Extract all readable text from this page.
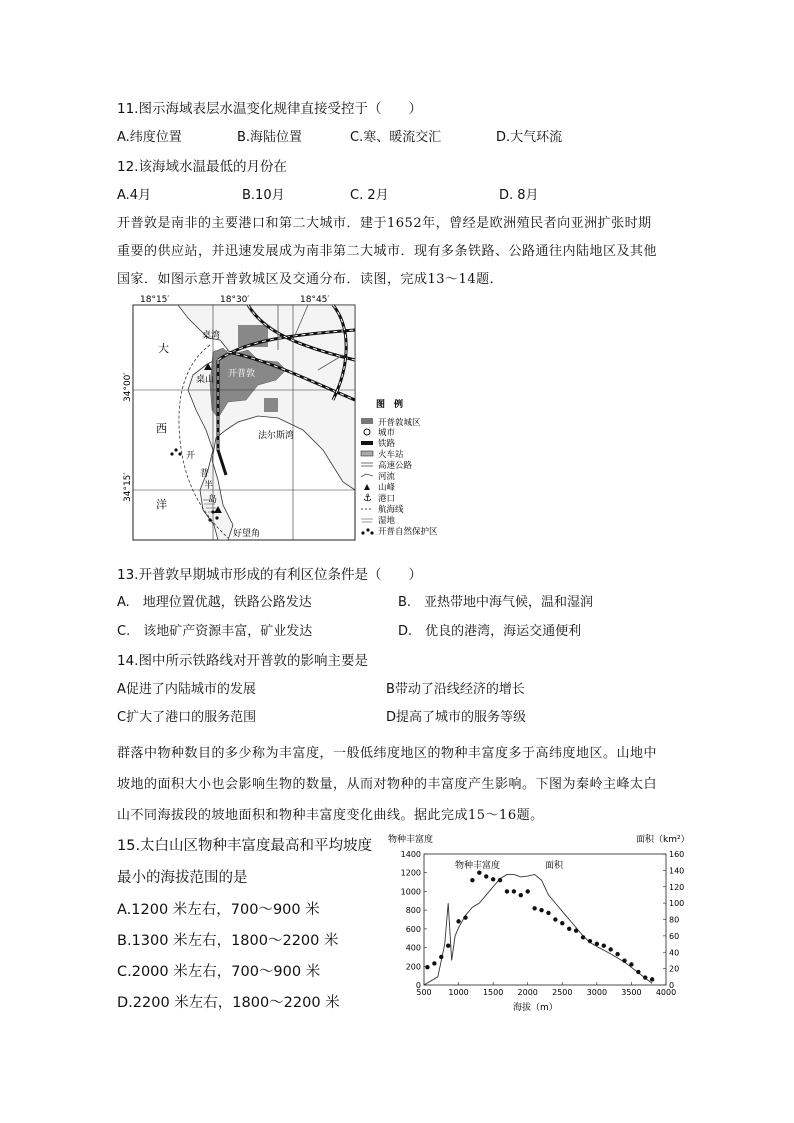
11.图示海域表层水温变化规律直接受控于（　　）
A.纬度位置	B.海陆位置	C.寒、暖流交汇	D.大气环流
12.该海域水温最低的月份在
A.4月	B.10月	C. 2月	D. 8月
开普敦是南非的主要港口和第二大城市．建于1652年，曾经是欧洲殖民者向亚洲扩张时期
重要的供应站，并迅速发展成为南非第二大城市．现有多条铁路、公路通往内陆地区及其他
国家．如图示意开普敦城区及交通分布．读图，完成13～14题．
18°15′	18°30′	18°45′
34°00′
34°15′
桌湾
桌山
开普敦
法尔斯湾
大
西
洋
开
普
半
岛
好望角
图　例
开普敦城区
城市
铁路
火车站
高速公路
河流
山峰
⚓ 港口
航海线
湿地
开普自然保护区
13.开普敦早期城市形成的有利区位条件是（　　）
A.　地理位置优越，铁路公路发达	B.　亚热带地中海气候，温和湿润
C.　该地矿产资源丰富，矿业发达	D.　优良的港湾，海运交通便利
14.图中所示铁路线对开普敦的影响主要是
A促进了内陆城市的发展	B带动了沿线经济的增长
C扩大了港口的服务范围	D提高了城市的服务等级
群落中物种数目的多少称为丰富度，一般低纬度地区的物种丰富度多于高纬度地区。山地中
坡地的面积大小也会影响生物的数量，从而对物种的丰富度产生影响。下图为秦岭主峰太白
山不同海拔段的坡地面积和物种丰富度变化曲线。据此完成15～16题。
15.太白山区物种丰富度最高和平均坡度
最小的海拔范围的是
A.1200 米左右，700～900 米
B.1300 米左右，1800～2200 米
C.2000 米左右，700～900 米
D.2200 米左右，1800～2200 米
物种丰富度	面积（km²）
海拔（m）
500 1000 1500 2000 2500 3000 3500 4000
0
200
400
600
800
1000
1200
1400
0
20
40
60
80
100
120
140
160
物种丰富度	面积
